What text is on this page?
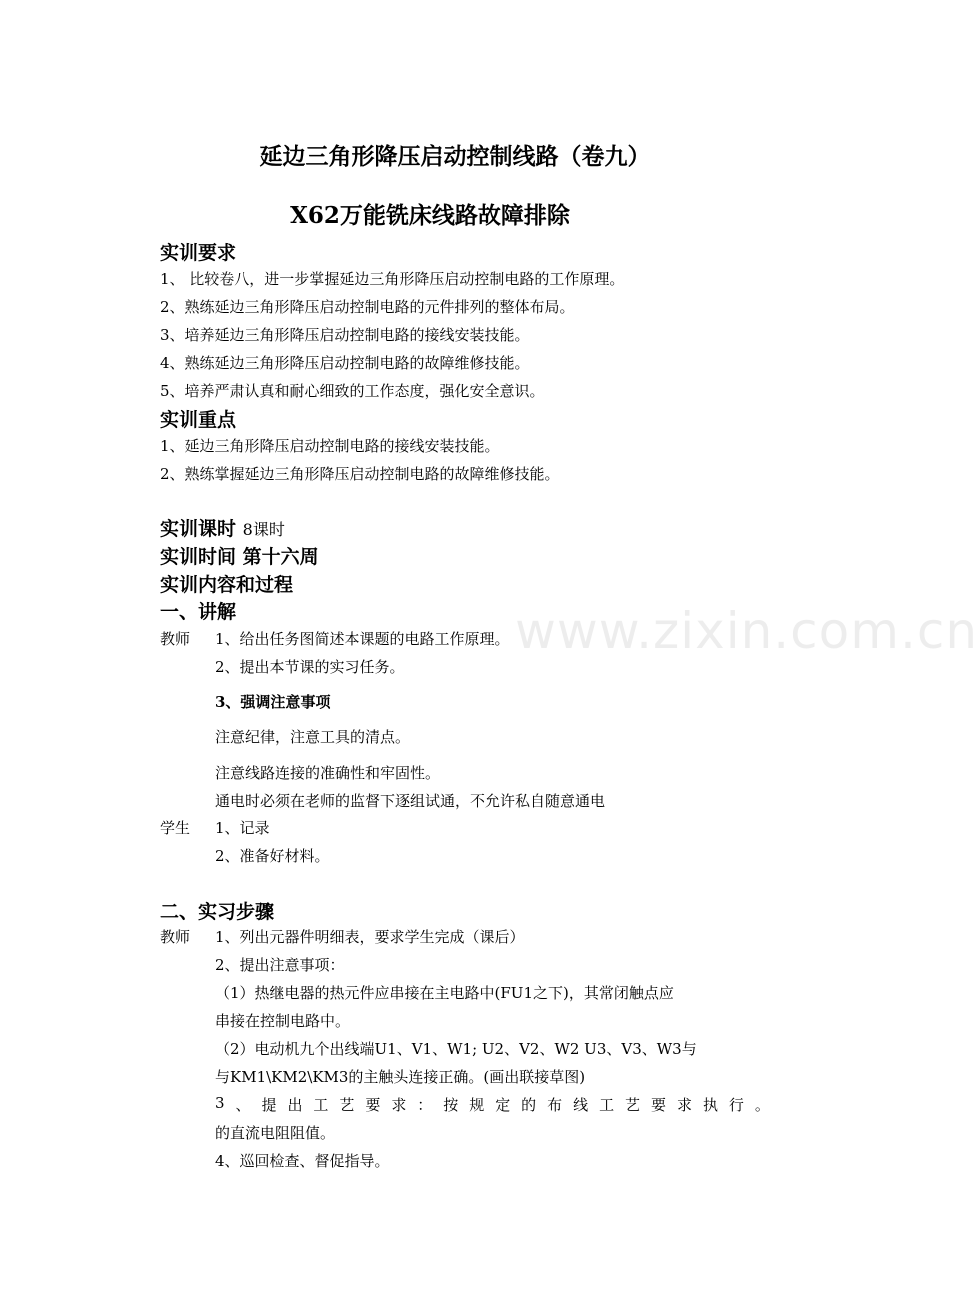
延边三角形降压启动控制线路（卷九）
X62万能铣床线路故障排除
实训要求
1、 比较卷八，进一步掌握延边三角形降压启动控制电路的工作原理。
2、熟练延边三角形降压启动控制电路的元件排列的整体布局。
3、培养延边三角形降压启动控制电路的接线安装技能。
4、熟练延边三角形降压启动控制电路的故障维修技能。
5、培养严肃认真和耐心细致的工作态度，强化安全意识。
实训重点
1、延边三角形降压启动控制电路的接线安装技能。
2、熟练掌握延边三角形降压启动控制电路的故障维修技能。
实训课时 8课时
实训时间 第十六周
实训内容和过程
一、讲解
教师 1、给出任务图简述本课题的电路工作原理。
2、提出本节课的实习任务。
3、强调注意事项
注意纪律，注意工具的清点。
注意线路连接的准确性和牢固性。
通电时必须在老师的监督下逐组试通，不允许私自随意通电
学生 1、记录
2、准备好材料。
二、实习步骤
教师 1、列出元器件明细表，要求学生完成（课后）
2、提出注意事项：
（1）热继电器的热元件应串接在主电路中(FU1之下)，其常闭触点应
串接在控制电路中。
（2）电动机九个出线端U1、V1、W1; U2、V2、W2 U3、V3、W3与
与KM1\KM2\KM3的主触头连接正确。(画出联接草图)
3 、 提 出 工 艺 要 求 ： 按 规 定 的 布 线 工 艺 要 求 执 行 。
的直流电阻阻值。
4、巡回检查、督促指导。
www.zixin.com.cn
